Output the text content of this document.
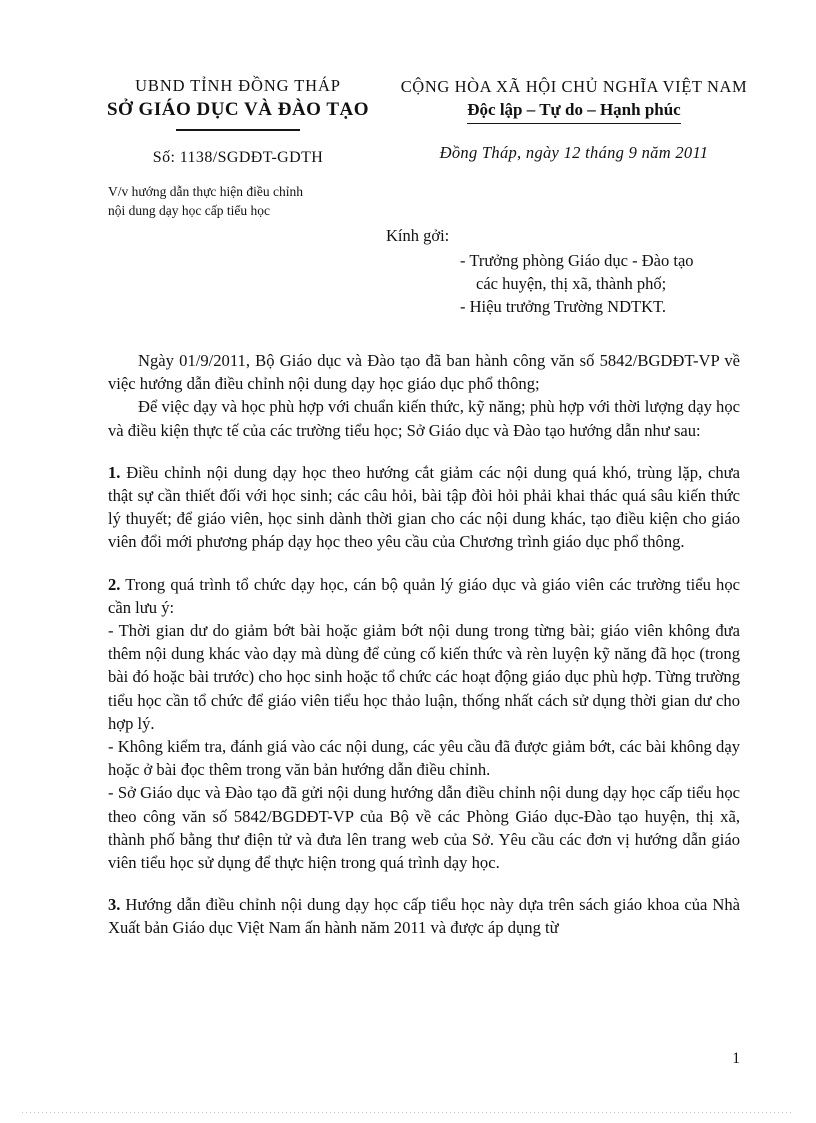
UBND TỈNH ĐỒNG THÁP
SỞ GIÁO DỤC VÀ ĐÀO TẠO
Số: 1138/SGDĐT-GDTH
V/v hướng dẫn thực hiện điều chỉnh
nội dung dạy học cấp tiểu học
CỘNG HÒA XÃ HỘI CHỦ NGHĨA VIỆT NAM
Độc lập – Tự do – Hạnh phúc
Đồng Tháp, ngày 12 tháng 9 năm 2011
Kính gởi:
- Trưởng phòng Giáo dục - Đào tạo
các huyện, thị xã, thành phố;
- Hiệu trưởng Trường NDTKT.

Ngày 01/9/2011, Bộ Giáo dục và Đào tạo đã ban hành công văn số 5842/BGDĐT-VP về việc hướng dẫn điều chỉnh nội dung dạy học giáo dục phổ thông;

Để việc dạy và học phù hợp với chuẩn kiến thức, kỹ năng; phù hợp với thời lượng dạy học và điều kiện thực tế của các trường tiểu học; Sở Giáo dục và Đào tạo hướng dẫn như sau:

1. Điều chỉnh nội dung dạy học theo hướng cắt giảm các nội dung quá khó, trùng lặp, chưa thật sự cần thiết đối với học sinh; các câu hỏi, bài tập đòi hỏi phải khai thác quá sâu kiến thức lý thuyết; để giáo viên, học sinh dành thời gian cho các nội dung khác, tạo điều kiện cho giáo viên đổi mới phương pháp dạy học theo yêu cầu của Chương trình giáo dục phổ thông.

2. Trong quá trình tổ chức dạy học, cán bộ quản lý giáo dục và giáo viên các trường tiểu học cần lưu ý:

- Thời gian dư do giảm bớt bài hoặc giảm bớt nội dung trong từng bài; giáo viên không đưa thêm nội dung khác vào dạy mà dùng để củng cố kiến thức và rèn luyện kỹ năng đã học (trong bài đó hoặc bài trước) cho học sinh hoặc tổ chức các hoạt động giáo dục phù hợp. Từng trường tiểu học cần tổ chức để giáo viên tiểu học thảo luận, thống nhất cách sử dụng thời gian dư cho hợp lý.

- Không kiểm tra, đánh giá vào các nội dung, các yêu cầu đã được giảm bớt, các bài không dạy hoặc ở bài đọc thêm trong văn bản hướng dẫn điều chỉnh.

- Sở Giáo dục và Đào tạo đã gửi nội dung hướng dẫn điều chỉnh nội dung dạy học cấp tiểu học theo công văn số 5842/BGDĐT-VP của Bộ về các Phòng Giáo dục-Đào tạo huyện, thị xã, thành phố bằng thư điện tử và đưa lên trang web của Sở. Yêu cầu các đơn vị hướng dẫn giáo viên tiểu học sử dụng để thực hiện trong quá trình dạy học.

3. Hướng dẫn điều chỉnh nội dung dạy học cấp tiểu học này dựa trên sách giáo khoa của Nhà Xuất bản Giáo dục Việt Nam ấn hành năm 2011 và được áp dụng từ

1
